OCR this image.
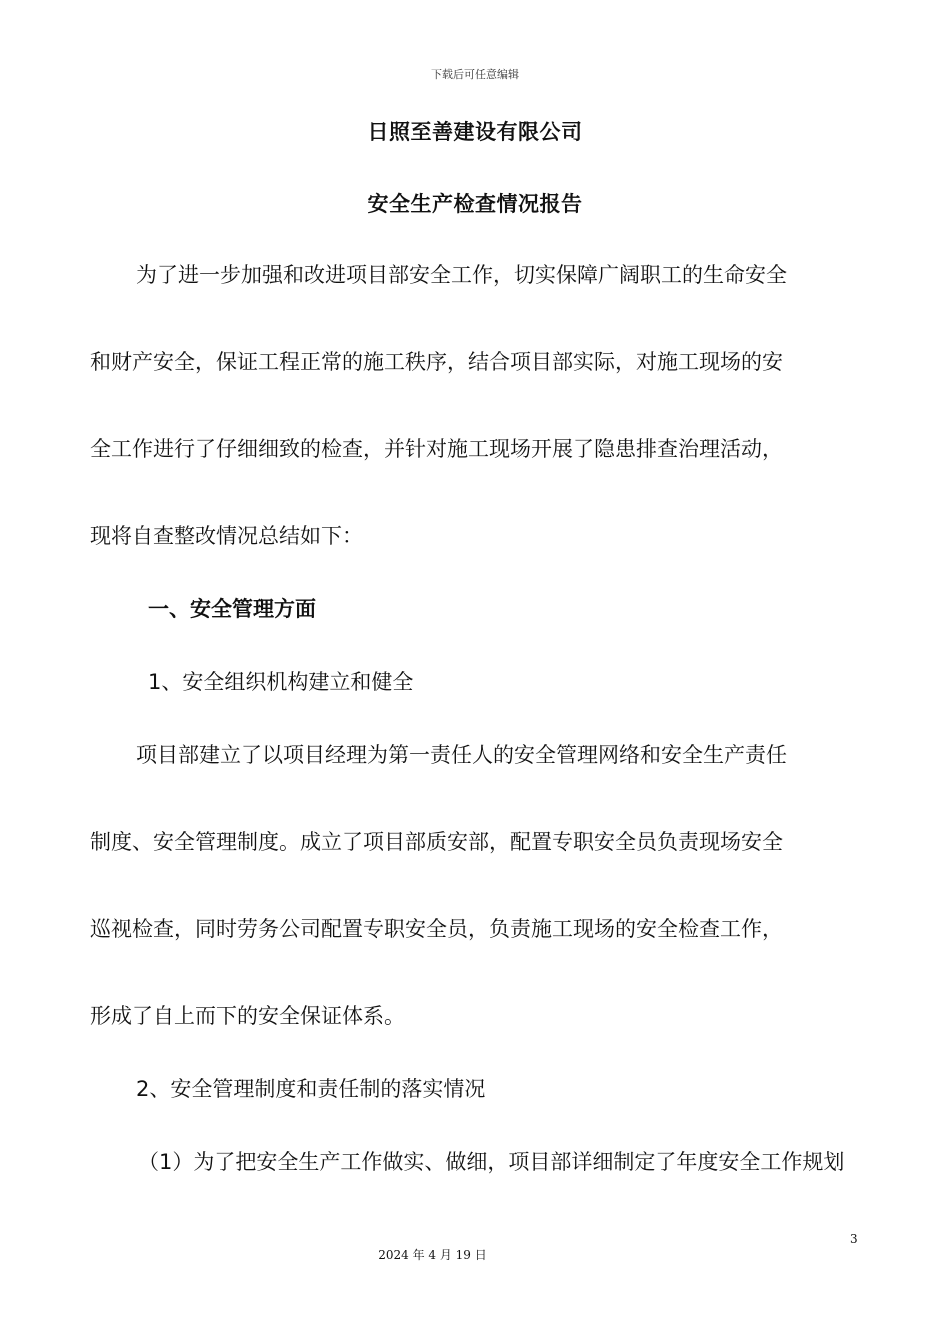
下载后可任意编辑
日照至善建设有限公司
安全生产检查情况报告
为了进一步加强和改进项目部安全工作，切实保障广阔职工的生命安全
和财产安全，保证工程正常的施工秩序，结合项目部实际，对施工现场的安
全工作进行了仔细细致的检查，并针对施工现场开展了隐患排查治理活动，
现将自查整改情况总结如下：
一、安全管理方面
1、安全组织机构建立和健全
项目部建立了以项目经理为第一责任人的安全管理网络和安全生产责任
制度、安全管理制度。成立了项目部质安部，配置专职安全员负责现场安全
巡视检查，同时劳务公司配置专职安全员，负责施工现场的安全检查工作，
形成了自上而下的安全保证体系。
2、安全管理制度和责任制的落实情况
（1）为了把安全生产工作做实、做细，项目部详细制定了年度安全工作规划
3
2024 年 4 月 19 日
